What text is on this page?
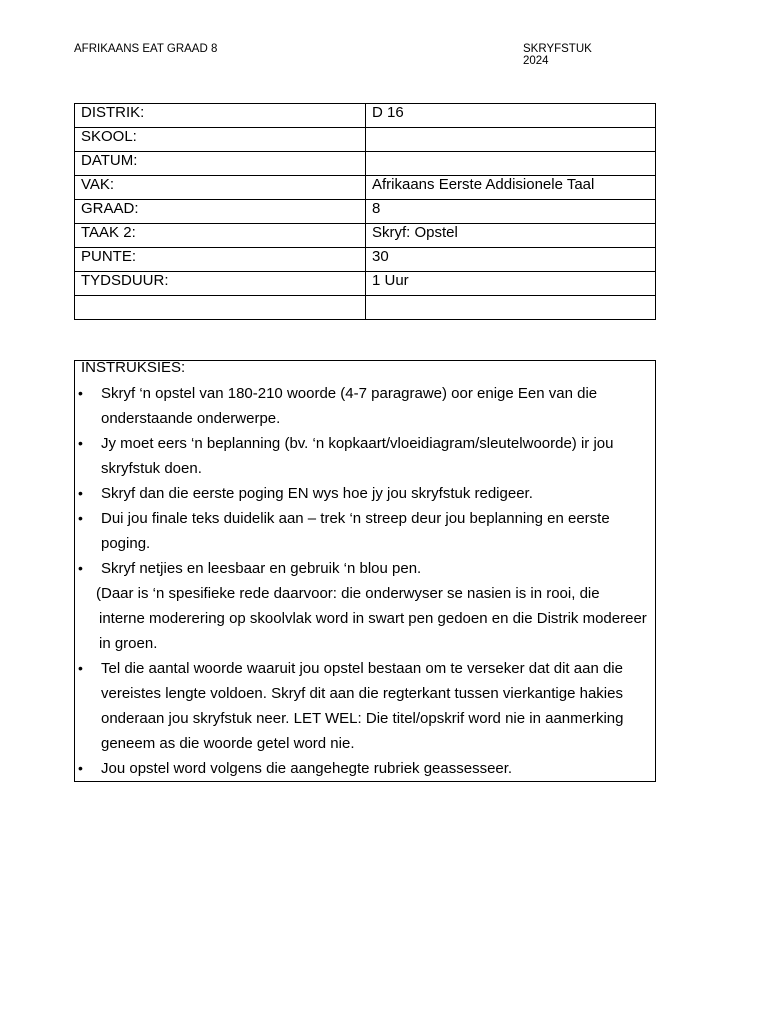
AFRIKAANS EAT GRAAD 8	SKRYFSTUK 2024
DISTRIK:	D 16
SKOOL:	
DATUM:	
VAK:	Afrikaans Eerste Addisionele Taal
GRAAD:	8
TAAK 2:	Skryf: Opstel
PUNTE:	30
TYDSDUUR:	1 Uur

INSTRUKSIES:
• Skryf ‘n opstel van 180-210 woorde (4-7 paragrawe) oor enige Een van die onderstaande onderwerpe.
• Jy moet eers ‘n beplanning (bv. ‘n kopkaart/vloeidiagram/sleutelwoorde) ir jou skryfstuk doen.
• Skryf dan die eerste poging EN wys hoe jy jou skryfstuk redigeer.
• Dui jou finale teks duidelik aan – trek ‘n streep deur jou beplanning en eerste poging.
• Skryf netjies en leesbaar en gebruik ‘n blou pen.
(Daar is ‘n spesifieke rede daarvoor: die onderwyser se nasien is in rooi, die interne moderering op skoolvlak word in swart pen gedoen en die Distrik modereer in groen.
• Tel die aantal woorde waaruit jou opstel bestaan om te verseker dat dit aan die vereistes lengte voldoen. Skryf dit aan die regterkant tussen vierkantige hakies onderaan jou skryfstuk neer. LET WEL: Die titel/opskrif word nie in aanmerking geneem as die woorde getel word nie.
• Jou opstel word volgens die aangehegte rubriek geassesseer.
